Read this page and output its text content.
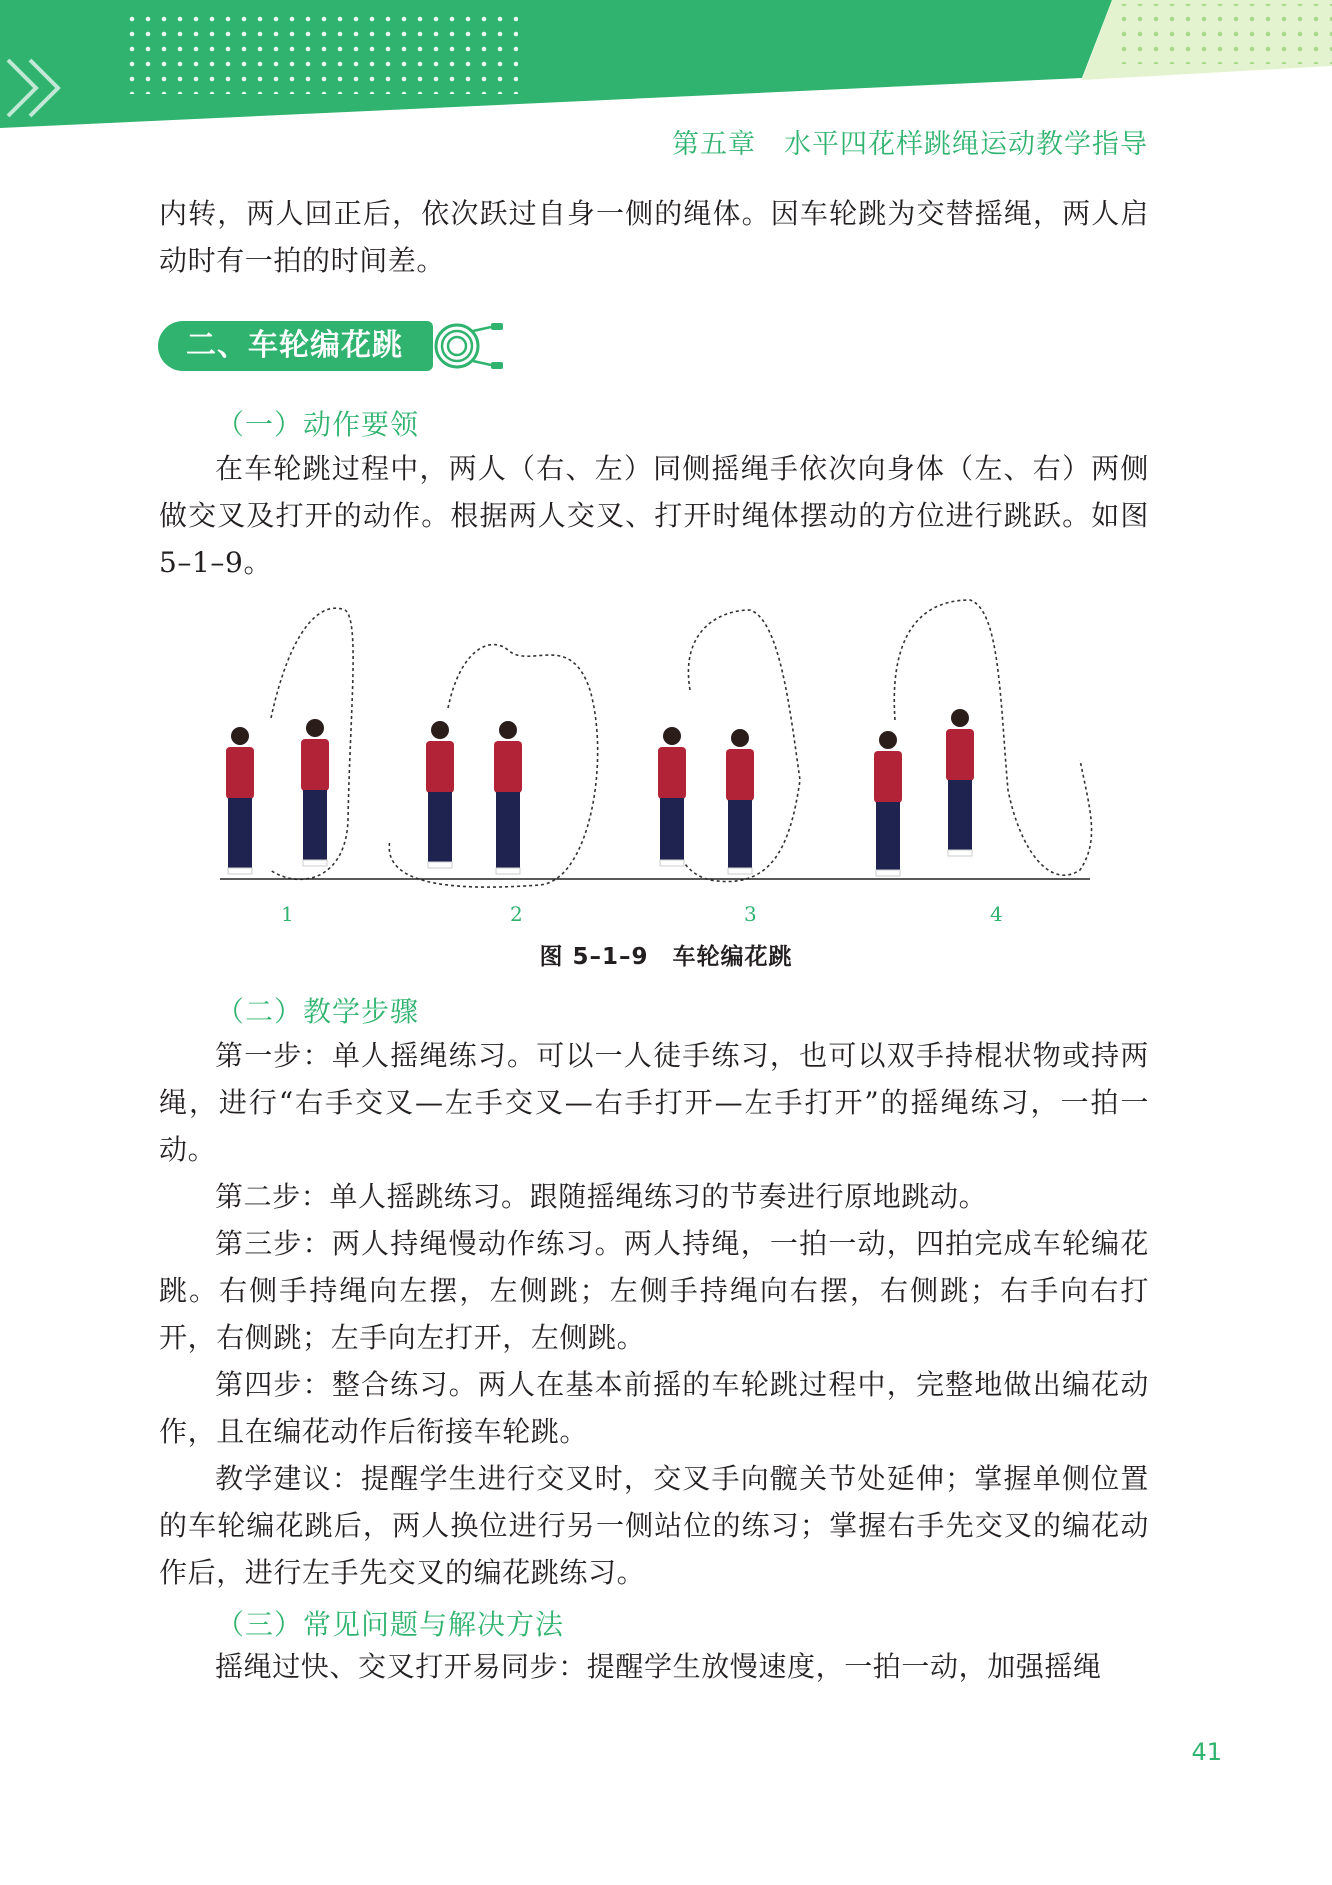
第五章　水平四花样跳绳运动教学指导

内转，两人回正后，依次跃过自身一侧的绳体。因车轮跳为交替摇绳，两人启动时有一拍的时间差。

二、车轮编花跳
（一）动作要领

在车轮跳过程中，两人（右、左）同侧摇绳手依次向身体（左、右）两侧做交叉及打开的动作。根据两人交叉、打开时绳体摆动的方位进行跳跃。如图 5–1–9。

1	2	3	4
图 5–1–9　车轮编花跳
（二）教学步骤

第一步：单人摇绳练习。可以一人徒手练习，也可以双手持棍状物或持两绳，进行“右手交叉—左手交叉—右手打开—左手打开”的摇绳练习，一拍一动。

第二步：单人摇跳练习。跟随摇绳练习的节奏进行原地跳动。

第三步：两人持绳慢动作练习。两人持绳，一拍一动，四拍完成车轮编花跳。右侧手持绳向左摆，左侧跳；左侧手持绳向右摆，右侧跳；右手向右打开，右侧跳；左手向左打开，左侧跳。

第四步：整合练习。两人在基本前摇的车轮跳过程中，完整地做出编花动作，且在编花动作后衔接车轮跳。

教学建议：提醒学生进行交叉时，交叉手向髋关节处延伸；掌握单侧位置的车轮编花跳后，两人换位进行另一侧站位的练习；掌握右手先交叉的编花动作后，进行左手先交叉的编花跳练习。

（三）常见问题与解决方法

摇绳过快、交叉打开易同步：提醒学生放慢速度，一拍一动，加强摇绳

41
